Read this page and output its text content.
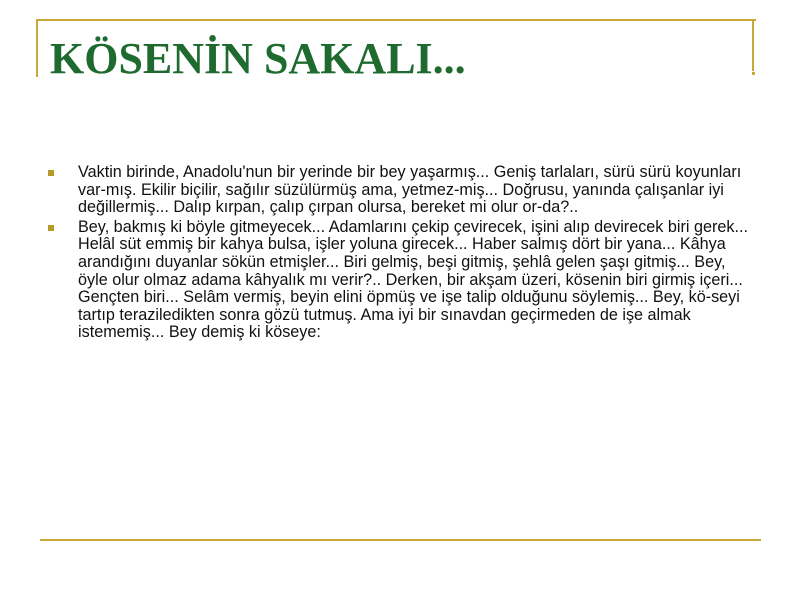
KÖSENİN SAKALI...
Vaktin birinde, Anadolu'nun bir yerinde bir bey yaşarmış... Geniş tarlaları, sürü sürü koyunları var-mış. Ekilir biçilir, sağılır süzülürmüş ama, yetmez-miş... Doğrusu, yanında çalışanlar iyi değillermiş... Dalıp kırpan, çalıp çırpan olursa, bereket mi olur or-da?..
Bey, bakmış ki böyle gitmeyecek... Adamlarını çekip çevirecek, işini alıp devirecek biri gerek... Helâl süt emmiş bir kahya bulsa, işler yoluna girecek... Haber salmış dört bir yana... Kâhya arandığını duyanlar sökün etmişler... Biri gelmiş, beşi gitmiş, şehlâ gelen şaşı gitmiş... Bey, öyle olur olmaz adama kâhyalık mı verir?.. Derken, bir akşam üzeri, kösenin biri girmiş içeri... Gençten biri... Selâm vermiş, beyin elini öpmüş ve işe talip olduğunu söylemiş... Bey, kö-seyi tartıp teraziledikten sonra gözü tutmuş. Ama iyi bir sınavdan geçirmeden de işe almak istememiş... Bey demiş ki köseye:
